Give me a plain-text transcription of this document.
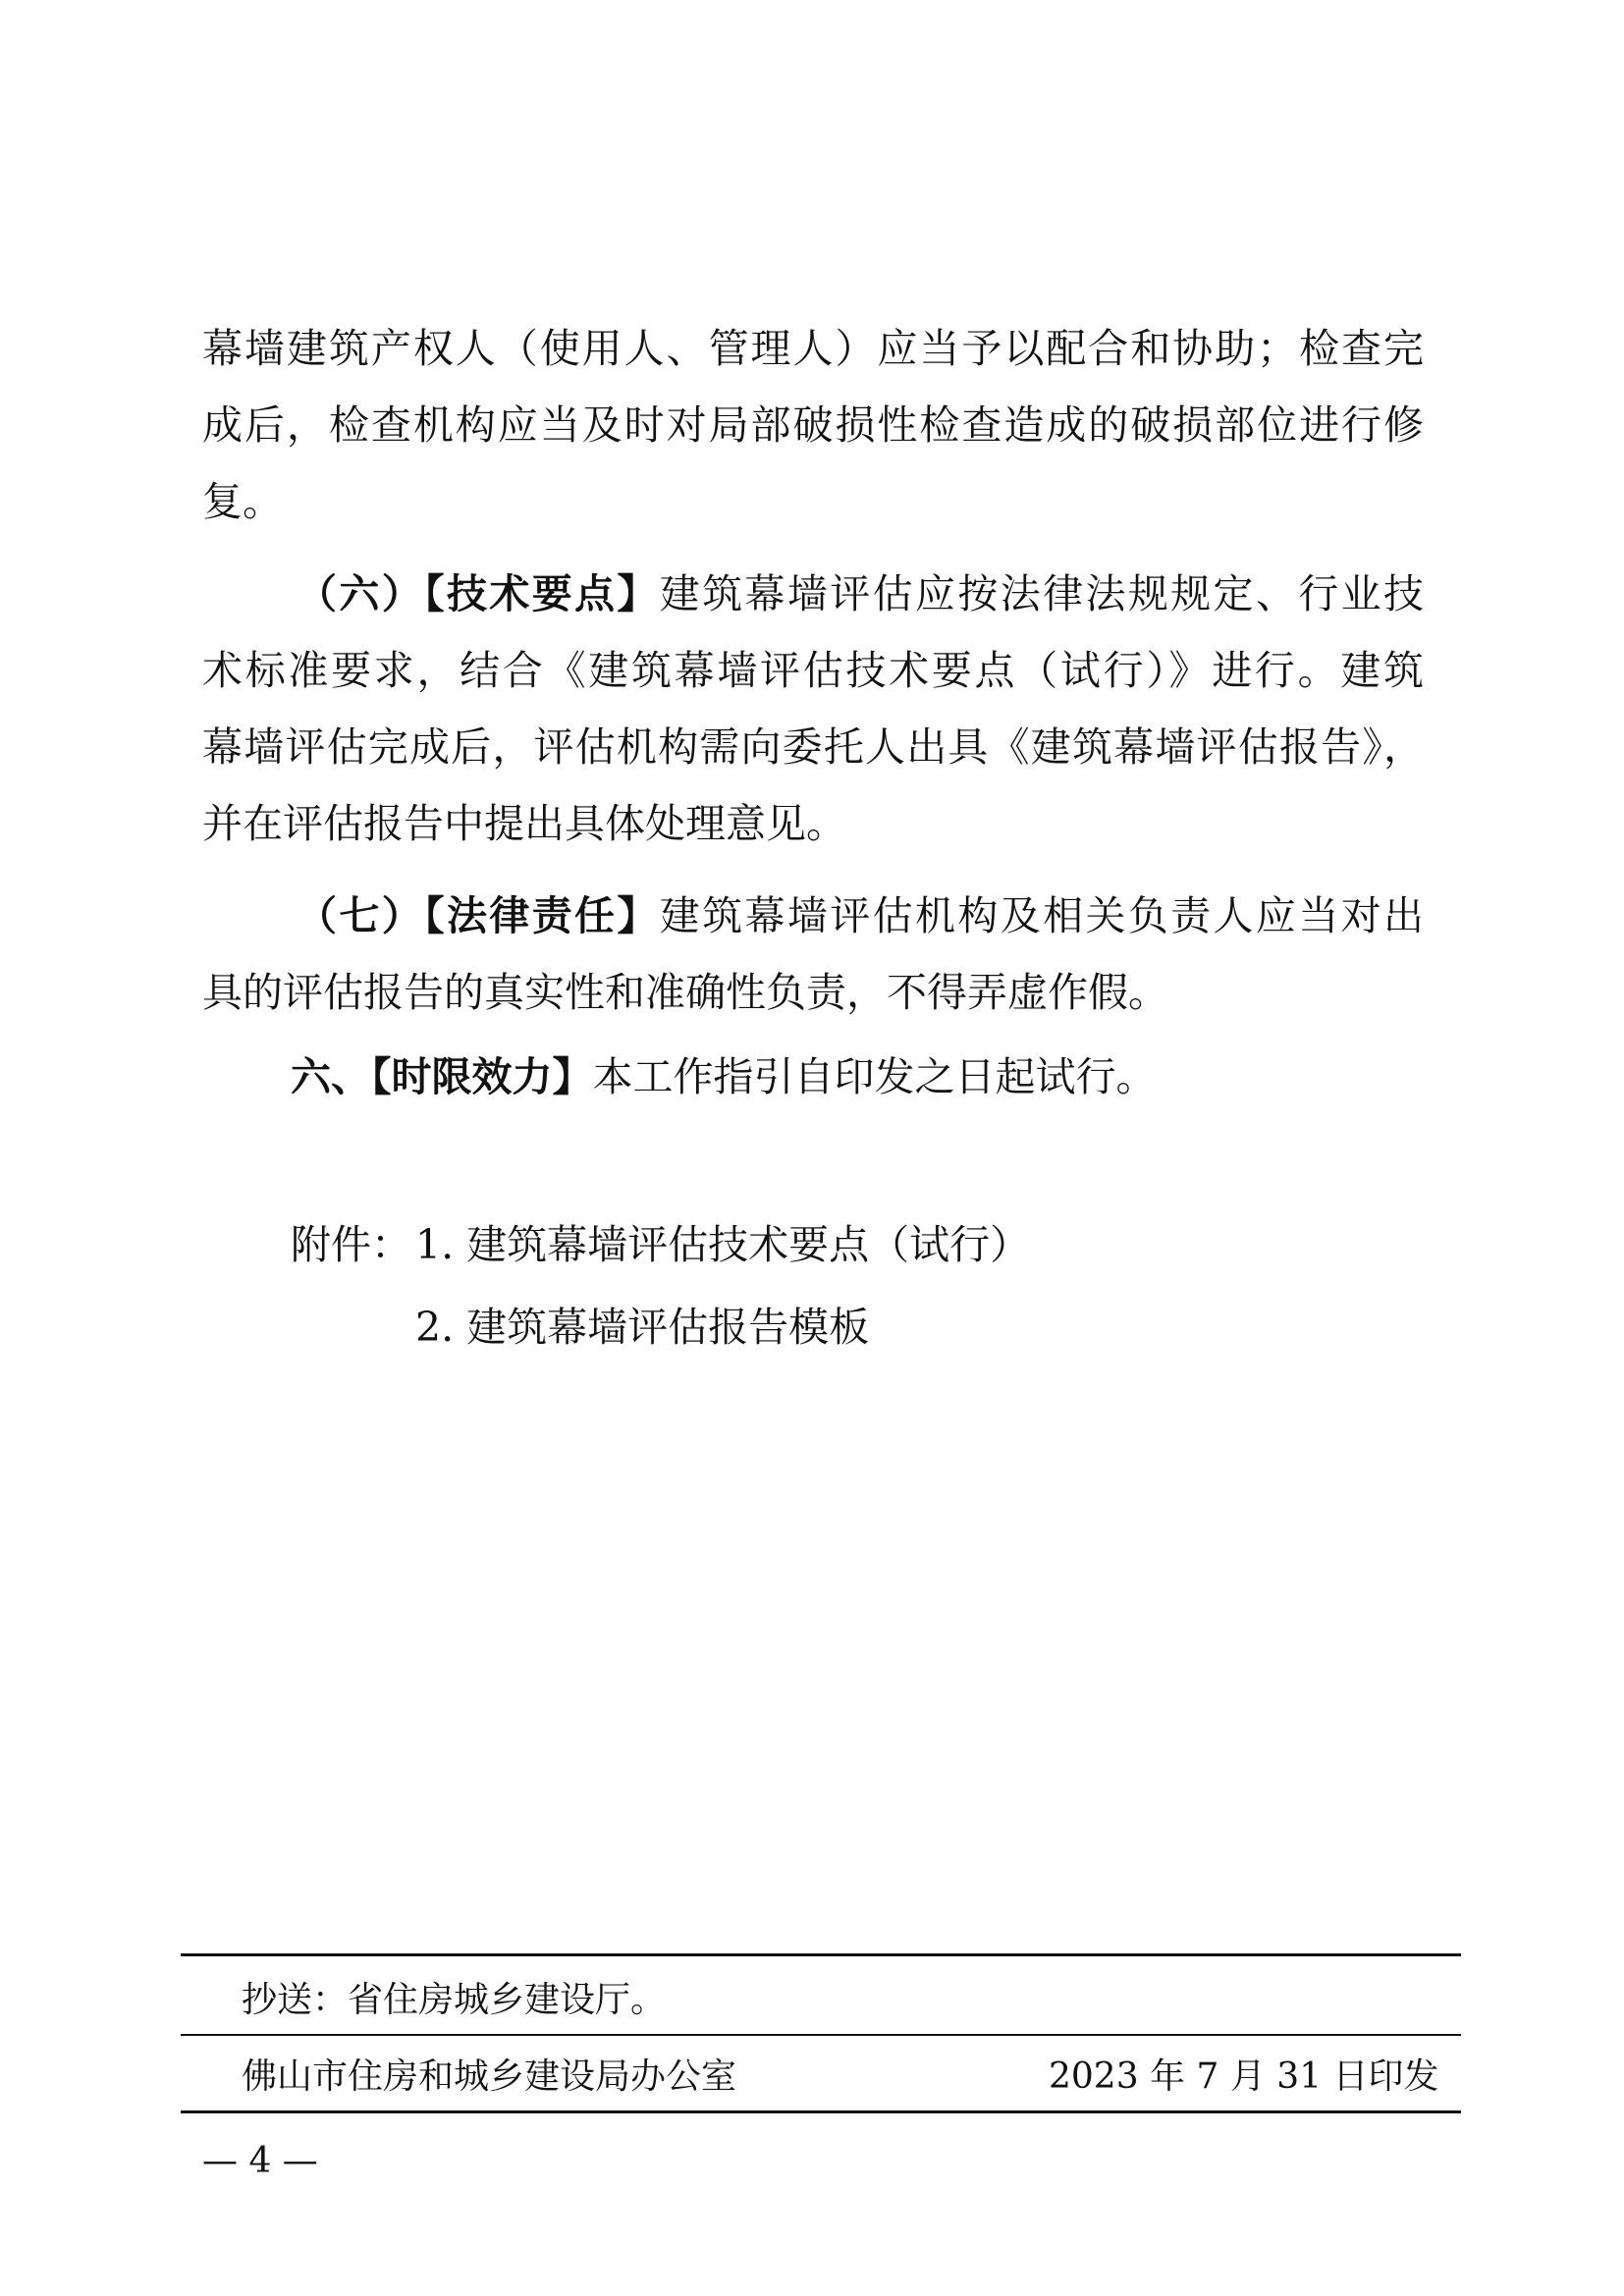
幕墙建筑产权人（使用人、管理人）应当予以配合和协助；检查完
成后，检查机构应当及时对局部破损性检查造成的破损部位进行修
复。
（六）【技术要点】建筑幕墙评估应按法律法规规定、行业技
术标准要求，结合《建筑幕墙评估技术要点（试行）》进行。建筑
幕墙评估完成后，评估机构需向委托人出具《建筑幕墙评估报告》，
并在评估报告中提出具体处理意见。
（七）【法律责任】建筑幕墙评估机构及相关负责人应当对出
具的评估报告的真实性和准确性负责，不得弄虚作假。
六、【时限效力】本工作指引自印发之日起试行。
附件： 1. 建筑幕墙评估技术要点（试行）
2. 建筑幕墙评估报告模板
抄送：省住房城乡建设厅。
佛山市住房和城乡建设局办公室	2023 年 7 月 31 日印发
— 4 —
